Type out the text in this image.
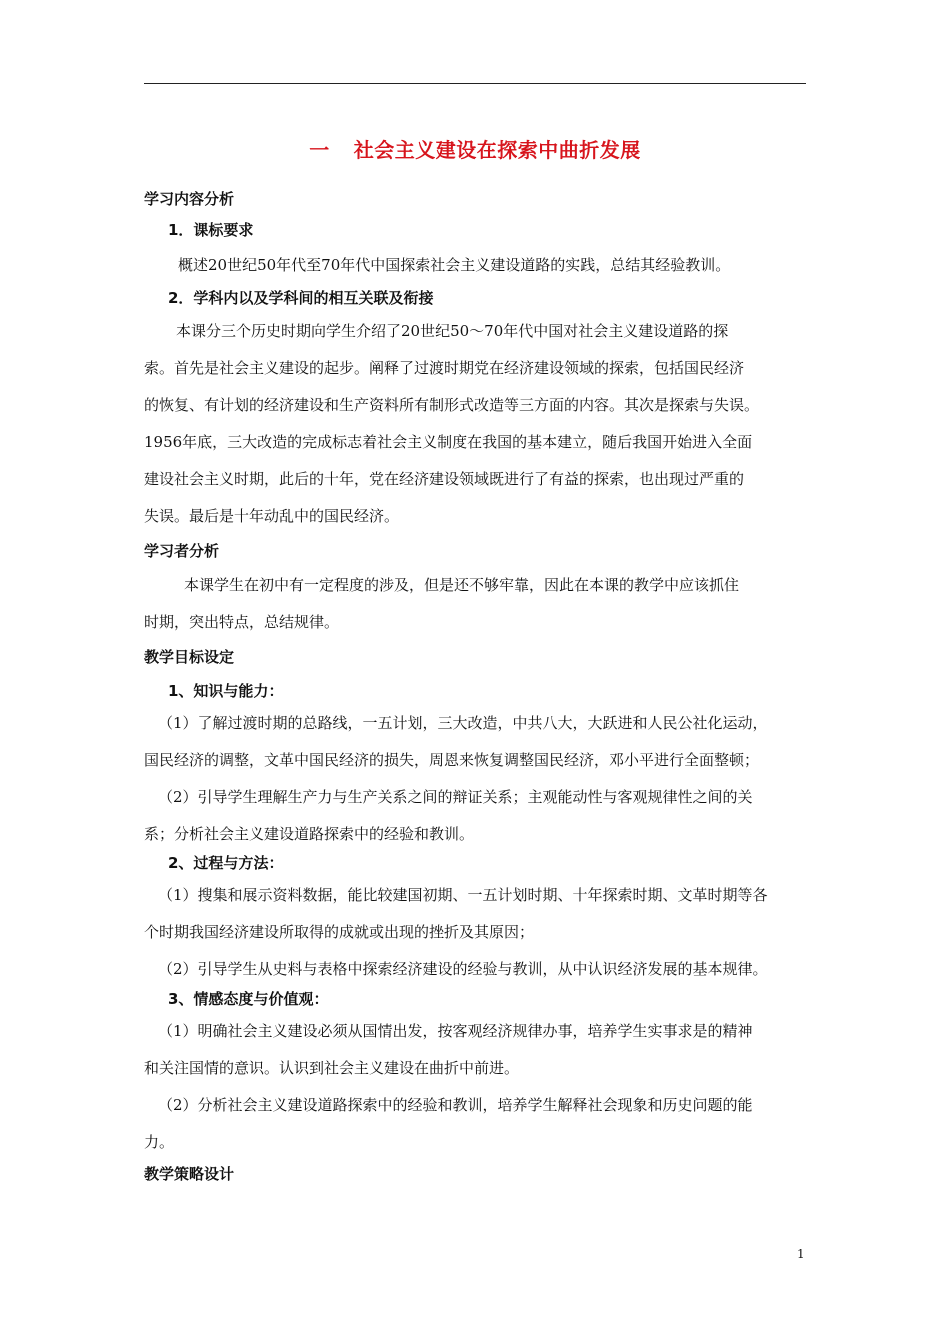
一 社会主义建设在探索中曲折发展
学习内容分析
1．课标要求
概述20世纪50年代至70年代中国探索社会主义建设道路的实践，总结其经验教训。
2．学科内以及学科间的相互关联及衔接
本课分三个历史时期向学生介绍了20世纪50～70年代中国对社会主义建设道路的探
索。首先是社会主义建设的起步。阐释了过渡时期党在经济建设领域的探索，包括国民经济
的恢复、有计划的经济建设和生产资料所有制形式改造等三方面的内容。其次是探索与失误。
1956年底，三大改造的完成标志着社会主义制度在我国的基本建立，随后我国开始进入全面
建设社会主义时期，此后的十年，党在经济建设领域既进行了有益的探索，也出现过严重的
失误。最后是十年动乱中的国民经济。
学习者分析
本课学生在初中有一定程度的涉及，但是还不够牢靠，因此在本课的教学中应该抓住
时期，突出特点，总结规律。
教学目标设定
1、知识与能力：
（1）了解过渡时期的总路线，一五计划，三大改造，中共八大，大跃进和人民公社化运动，
国民经济的调整，文革中国民经济的损失，周恩来恢复调整国民经济，邓小平进行全面整顿；
（2）引导学生理解生产力与生产关系之间的辩证关系；主观能动性与客观规律性之间的关
系；分析社会主义建设道路探索中的经验和教训。
2、过程与方法：
（1）搜集和展示资料数据，能比较建国初期、一五计划时期、十年探索时期、文革时期等各
个时期我国经济建设所取得的成就或出现的挫折及其原因；
（2）引导学生从史料与表格中探索经济建设的经验与教训，从中认识经济发展的基本规律。
3、情感态度与价值观：
（1）明确社会主义建设必须从国情出发，按客观经济规律办事，培养学生实事求是的精神
和关注国情的意识。认识到社会主义建设在曲折中前进。
（2）分析社会主义建设道路探索中的经验和教训，培养学生解释社会现象和历史问题的能
力。
教学策略设计
1
